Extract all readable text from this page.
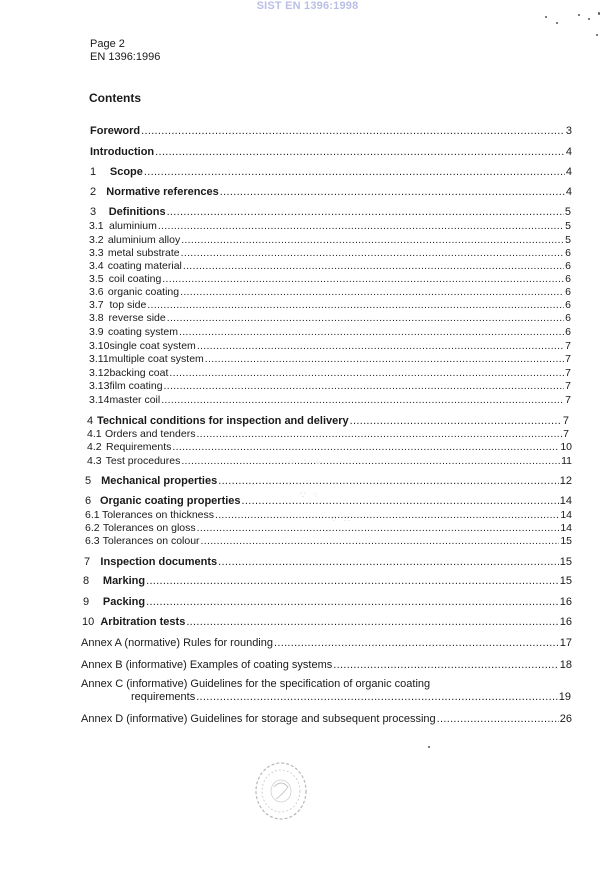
SIST EN 1396:1998
Page 2
EN 1396:1996
Contents
Foreword .....	3
Introduction .....	4
1	Scope .....	4
2 Normative references .....	4
3	Definitions .....	5
3.1 aluminium .....	5
3.2 aluminium alloy .....	5
3.3 metal substrate .....	6
3.4 coating material .....	6
3.5 coil coating .....	6
3.6 organic coating .....	6
3.7 top side .....	6
3.8 reverse side .....	6
3.9 coating system .....	6
3.10 single coat system .....	7
3.11 multiple coat system .....	7
3.12 backing coat .....	7
3.13 film coating .....	7
3.14 master coil .....	7
4 Technical conditions for inspection and delivery .....	7
4.1 Orders and tenders .....	7
4.2 Requirements .....	10
4.3 Test procedures .....	11
5 Mechanical properties .....	12
6 Organic coating properties .....	14
6.1 Tolerances on thickness .....	14
6.2 Tolerances on gloss .....	14
6.3 Tolerances on colour .....	15
7 Inspection documents .....	15
8	Marking .....	15
9	Packing .....	16
10 Arbitration tests .....	16
Annex A (normative) Rules for rounding .....	17
Annex B (informative) Examples of coating systems .....	18
Annex C (informative) Guidelines for the specification of organic coating
requirements .....	19
Annex D (informative) Guidelines for storage and subsequent processing .....	26
⁘ ∴ ⁘
∵ ⁖
⁘ ∴
